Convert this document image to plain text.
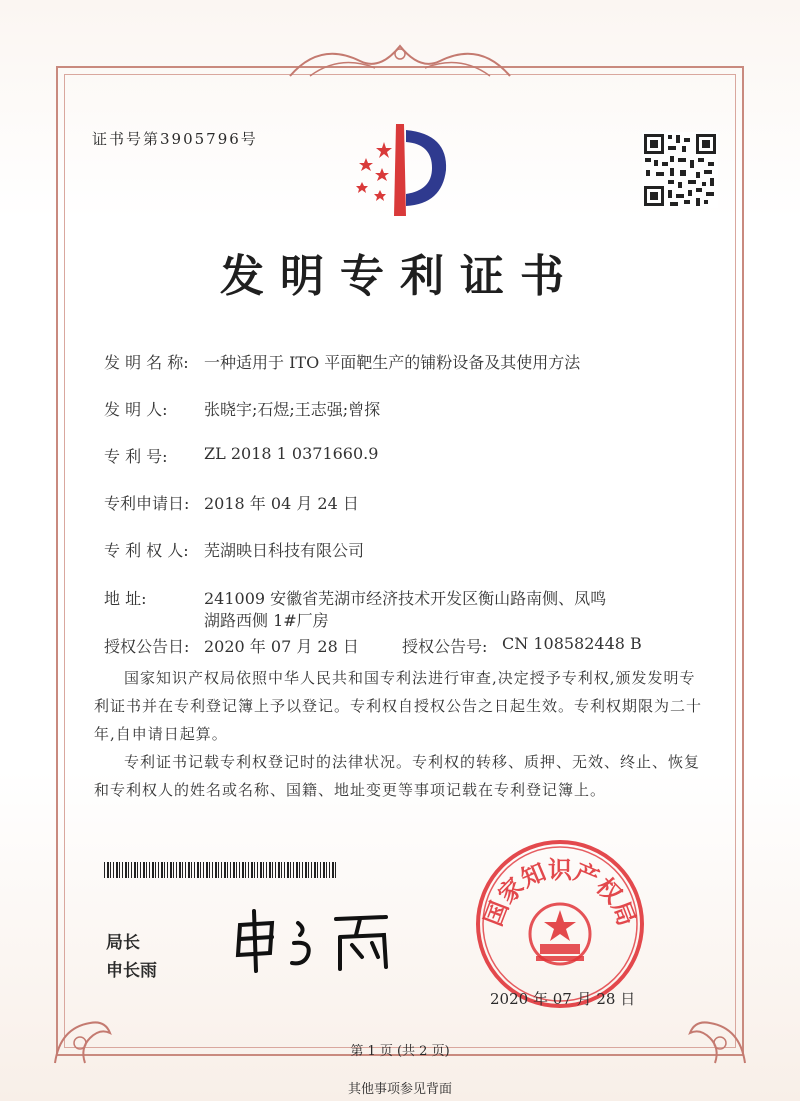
证书号第3905796号
发明专利证书
发 明 名 称: 一种适用于 ITO 平面靶生产的铺粉设备及其使用方法
发 明 人: 张晓宇;石煜;王志强;曾探
专 利 号: ZL 2018 1 0371660.9
专利申请日: 2018 年 04 月 24 日
专 利 权 人: 芜湖映日科技有限公司
地 址:	241009 安徽省芜湖市经济技术开发区衡山路南侧、凤鸣
湖路西侧 1#厂房
授权公告日: 2020 年 07 月 28 日	授权公告号: CN 108582448 B
国家知识产权局依照中华人民共和国专利法进行审查,决定授予专利权,颁发发明专利证书并在专利登记簿上予以登记。专利权自授权公告之日起生效。专利权期限为二十年,自申请日起算。
专利证书记载专利权登记时的法律状况。专利权的转移、质押、无效、终止、恢复和专利权人的姓名或名称、国籍、地址变更等事项记载在专利登记簿上。
局长
申长雨
国家知识产权局
2020 年 07 月 28 日
第 1 页 (共 2 页)
其他事项参见背面
